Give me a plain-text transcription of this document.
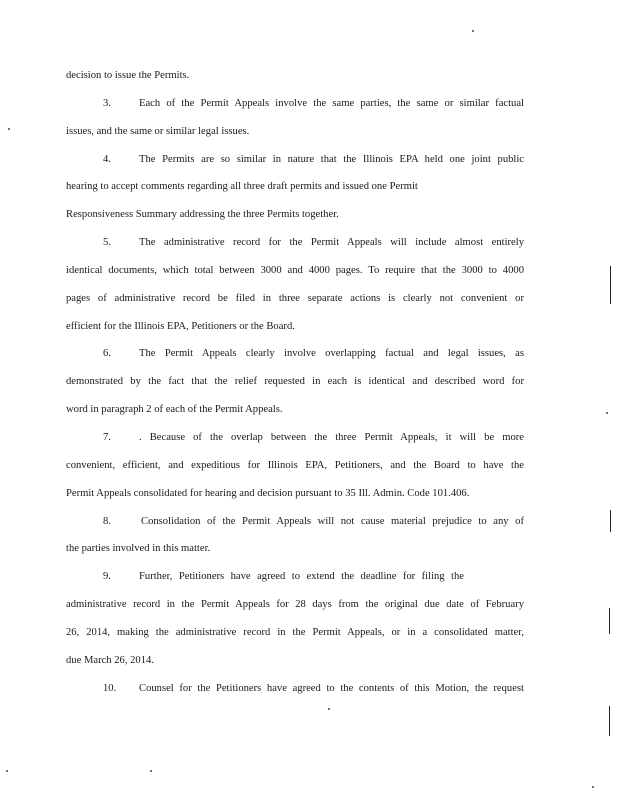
decision to issue the Permits.
3.	Each of the Permit Appeals involve the same parties, the same or similar factual
issues, and the same or similar legal issues.
4.	The Permits are so similar in nature that the Illinois EPA held one joint public
hearing to accept comments regarding all three draft permits and issued one Permit
Responsiveness Summary addressing the three Permits together.
5.	The administrative record for the Permit Appeals will include almost entirely
identical documents, which total between 3000 and 4000 pages. To require that the 3000 to 4000
pages of administrative record be filed in three separate actions is clearly not convenient or
efficient for the Illinois EPA, Petitioners or the Board.
6.	The Permit Appeals clearly involve overlapping factual and legal issues, as
demonstrated by the fact that the relief requested in each is identical and described word for
word in paragraph 2 of each of the Permit Appeals.
7.	. Because of the overlap between the three Permit Appeals, it will be more
convenient, efficient, and expeditious for Illinois EPA, Petitioners, and the Board to have the
Permit Appeals consolidated for hearing and decision pursuant to 35 Ill. Admin. Code 101.406.
8.	Consolidation of the Permit Appeals will not cause material prejudice to any of
the parties involved in this matter.
9.	Further, Petitioners have agreed to extend the deadline for filing the
administrative record in the Permit Appeals for 28 days from the original due date of February
26, 2014, making the administrative record in the Permit Appeals, or in a consolidated matter,
due March 26, 2014.
10. Counsel for the Petitioners have agreed to the contents of this Motion, the request
